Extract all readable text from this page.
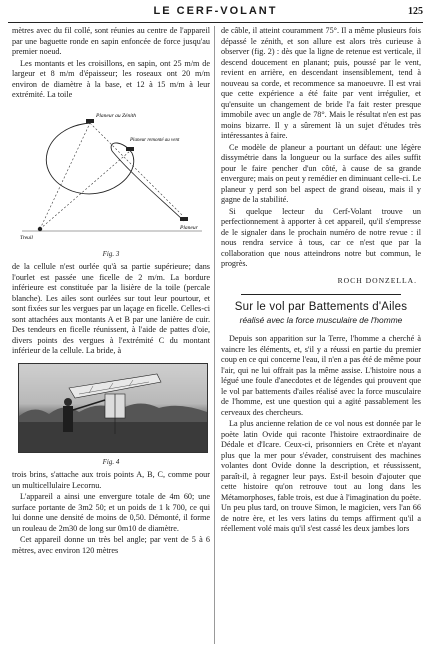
LE CERF-VOLANT	125

mètres avec du fil collé, sont réunies au centre de l'appareil par une baguette ronde en sapin enfoncée de force jusqu'au premier noeud.

Les montants et les croisillons, en sapin, ont 25 m/m de largeur et 8 m/m d'épaisseur; les roseaux ont 20 m/m environ de diamètre à la base, et 12 à 15 m/m à leur extrémité. La toile

Planeur au Zénith
Planeur remonté au vent
Treuil
Planeur
Fig. 3

de la cellule n'est ourlée qu'à sa partie supérieure; dans l'ourlet est passée une ficelle de 2 m/m. La bordure inférieure est constituée par la lisière de la toile (percale blanche). Les ailes sont ourlées sur tout leur pourtour, et sont fixées sur les vergues par un laçage en ficelle. Celles-ci sont attachées aux montants A et B par une lanière de cuir. Des tendeurs en ficelle réunissent, à l'aide de pattes d'oie, divers points des vergues à l'extrémité C du montant inférieur de la cellule. La bride, à

Fig. 4

trois brins, s'attache aux trois points A, B, C, comme pour un multicellulaire Lecornu.

L'appareil a ainsi une envergure totale de 4m 60; une surface portante de 3m2 50; et un poids de 1 k 700, ce qui lui donne une densité de moins de 0,50. Démonté, il forme un rouleau de 2m30 de long sur 0m10 de diamètre.

Cet appareil donne un très bel angle; par vent de 5 à 6 mètres, avec environ 120 mètres

de câble, il atteint couramment 75°. Il a même plusieurs fois dépassé le zénith, et son allure est alors très curieuse à observer (fig. 2) : dès que la ligne de retenue est verticale, il descend doucement en planant; puis, poussé par le vent, revient en arrière, en descendant insensiblement, tend à nouveau sa corde, et recommence sa manoeuvre. Il est vrai que cette expérience a été faite par vent irrégulier, et qu'ensuite un changement de bride l'a fait rester presque immobile avec un angle de 78°. Mais le résultat n'en est pas moins bizarre. Il y a sûrement là un sujet d'études très intéressantes à faire.

Ce modèle de planeur a pourtant un défaut: une légère dissymétrie dans la longueur ou la surface des ailes suffit pour le faire pencher d'un côté, à cause de sa grande envergure; mais on peut y remédier en diminuant celle-ci. Le planeur y perd son bel aspect de grand oiseau, mais il y gagne de la stabilité.

Si quelque lecteur du Cerf-Volant trouve un perfectionnement à apporter à cet appareil, qu'il s'empresse de le signaler dans le prochain numéro de notre revue : il nous rendra service à tous, car ce n'est que par la collaboration que nous atteindrons notre but commun, le progrès.

ROCH DONZELLA.
Sur le vol par Battements d'Ailes
réalisé avec la force musculaire de l'homme

Depuis son apparition sur la Terre, l'homme a cherché à vaincre les éléments, et, s'il y a réussi en partie du premier coup en ce qui concerne l'eau, il n'en a pas été de même pour l'air, qui ne lui offrait pas la même assise. L'histoire nous a légué une foule d'anecdotes et de légendes qui prouvent que le vol par battements d'ailes réalisé avec la force musculaire de l'homme, est une question qui a agité passablement les cerveaux des chercheurs.

La plus ancienne relation de ce vol nous est donnée par le poète latin Ovide qui raconte l'histoire extraordinaire de Dédale et d'Icare. Ceux-ci, prisonniers en Crète et n'ayant plus que la mer pour s'évader, construisent des machines volantes dont Ovide donne la description, et réussissent, paraît-il, à regagner leur pays. Est-il besoin d'ajouter que cette histoire qu'on retrouve tout au long dans les Métamorphoses, fable trois, est due à l'imagination du poète. Un peu plus tard, on trouve Simon, le magicien, vers l'an 66 de notre ère, et les vers latins du temps affirment qu'il a réellement volé mais qu'il s'est cassé les deux jambes lors
